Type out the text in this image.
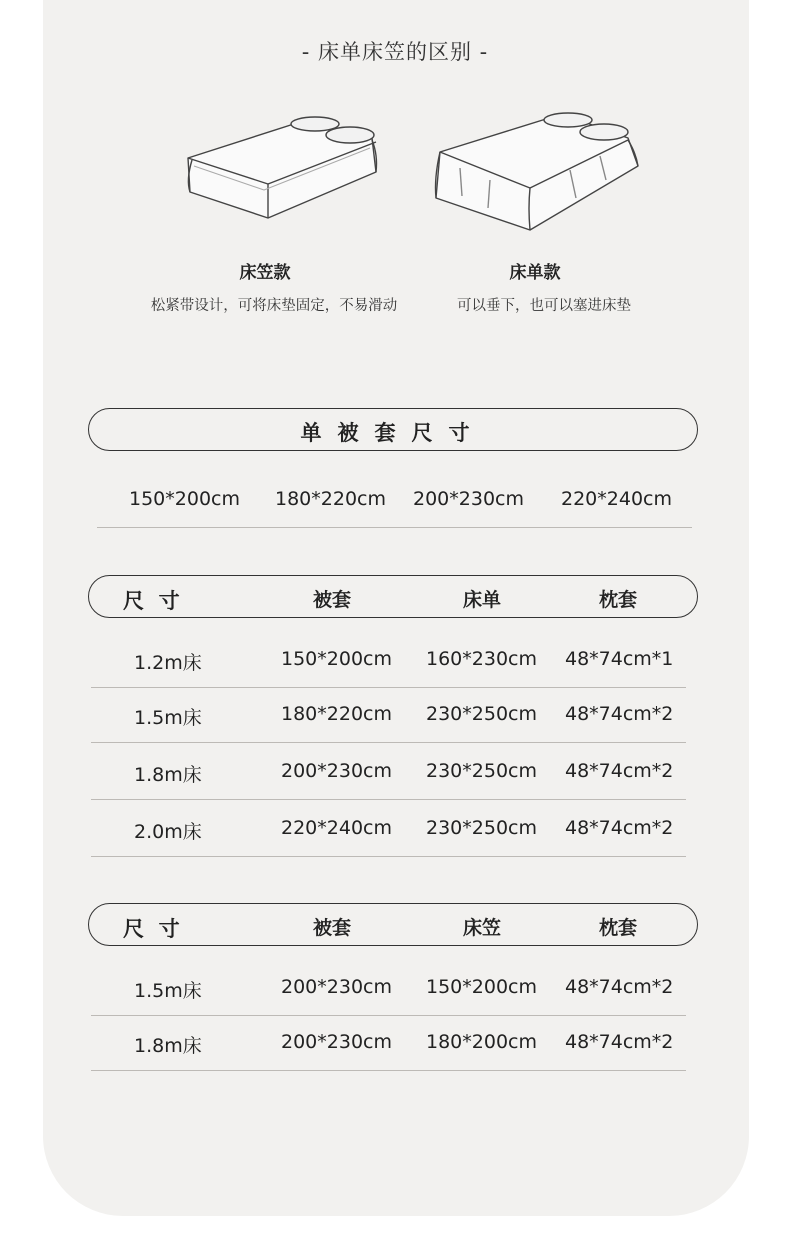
- 床单床笠的区别 -
床笠款
松紧带设计，可将床垫固定，不易滑动
床单款
可以垂下，也可以塞进床垫
单被套尺寸
150*200cm 180*220cm 200*230cm 220*240cm
尺  寸	被套	床单	枕套
1.2m床	150*200cm 160*230cm 48*74cm*1
1.5m床	180*220cm 230*250cm 48*74cm*2
1.8m床	200*230cm 230*250cm 48*74cm*2
2.0m床	220*240cm 230*250cm 48*74cm*2
尺  寸	被套	床笠	枕套
1.5m床	200*230cm 150*200cm 48*74cm*2
1.8m床	200*230cm 180*200cm 48*74cm*2
